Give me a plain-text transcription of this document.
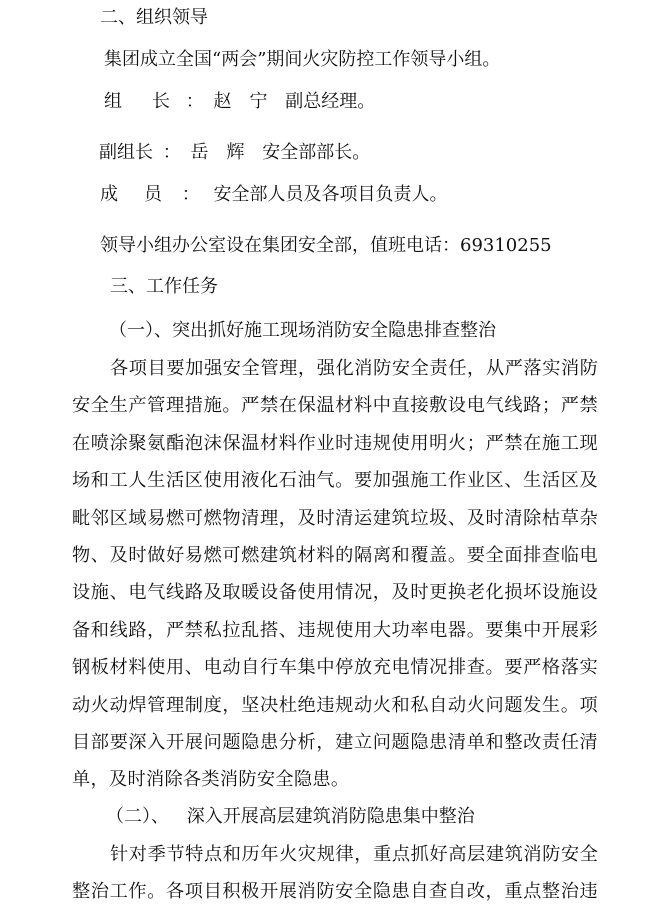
二、组织领导
集团成立全国“两会”期间火灾防控工作领导小组。
组　长 ： 赵　宁 副总经理。
副组长 ： 岳　辉 安全部部长。
成　员 ： 安全部人员及各项目负责人。
领导小组办公室设在集团安全部，值班电话：69310255
三、工作任务
（一）、突出抓好施工现场消防安全隐患排查整治
各项目要加强安全管理，强化消防安全责任，从严落实消防
安全生产管理措施。严禁在保温材料中直接敷设电气线路；严禁
在喷涂聚氨酯泡沫保温材料作业时违规使用明火；严禁在施工现
场和工人生活区使用液化石油气。要加强施工作业区、生活区及
毗邻区域易燃可燃物清理，及时清运建筑垃圾、及时清除枯草杂
物、及时做好易燃可燃建筑材料的隔离和覆盖。要全面排查临电
设施、电气线路及取暖设备使用情况，及时更换老化损坏设施设
备和线路，严禁私拉乱搭、违规使用大功率电器。要集中开展彩
钢板材料使用、电动自行车集中停放充电情况排查。要严格落实
动火动焊管理制度，坚决杜绝违规动火和私自动火问题发生。项
目部要深入开展问题隐患分析，建立问题隐患清单和整改责任清
单，及时消除各类消防安全隐患。
（二）、 深入开展高层建筑消防隐患集中整治
针对季节特点和历年火灾规律，重点抓好高层建筑消防安全
整治工作。各项目积极开展消防安全隐患自查自改，重点整治违
